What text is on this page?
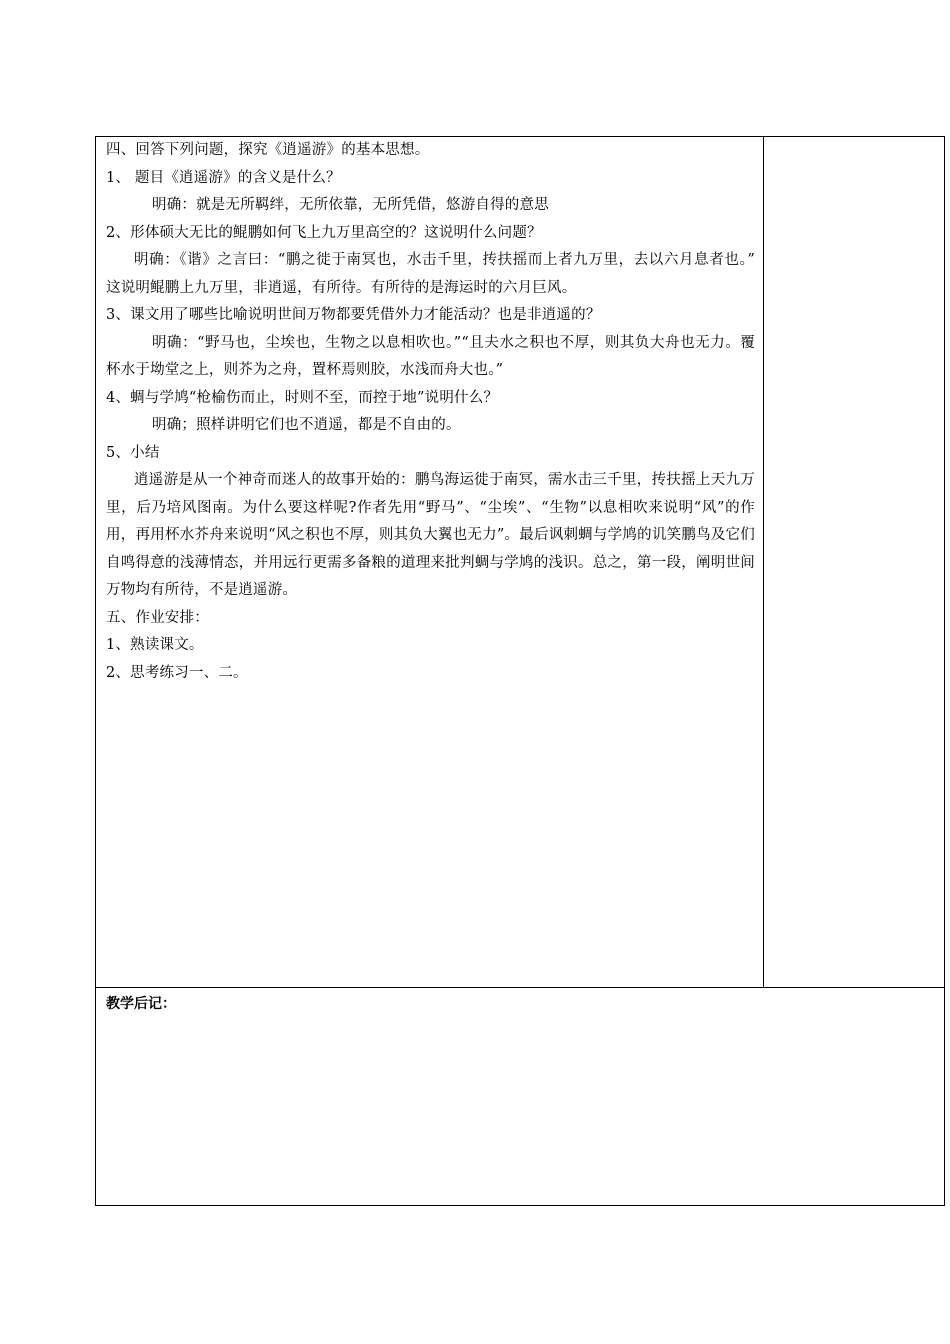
四、回答下列问题，探究《逍遥游》的基本思想。

1、 题目《逍遥游》的含义是什么？

明确：就是无所羁绊，无所依靠，无所凭借，悠游自得的意思

2、形体硕大无比的鲲鹏如何飞上九万里高空的？这说明什么问题？

明确：《谐》之言曰：“鹏之徙于南冥也，水击千里，抟扶摇而上者九万里，去以六月息者也。” 这说明鲲鹏上九万里，非逍遥，有所待。有所待的是海运时的六月巨风。

3、课文用了哪些比喻说明世间万物都要凭借外力才能活动？也是非逍遥的？

明确：“野马也，尘埃也，生物之以息相吹也。”“且夫水之积也不厚，则其负大舟也无力。覆杯水于坳堂之上，则芥为之舟，置杯焉则胶，水浅而舟大也。”

4、蜩与学鸠“枪榆伤而止，时则不至，而控于地”说明什么？

明确；照样讲明它们也不逍遥，都是不自由的。

5、小结

逍遥游是从一个神奇而迷人的故事开始的：鹏鸟海运徙于南冥，需水击三千里，抟扶摇上天九万里，后乃培风图南。为什么要这样呢?作者先用“野马”、“尘埃”、“生物”以息相吹来说明“风”的作用，再用杯水芥舟来说明“风之积也不厚，则其负大翼也无力”。最后讽刺蜩与学鸠的讥笑鹏鸟及它们自鸣得意的浅薄情态，并用远行更需多备粮的道理来批判蜩与学鸠的浅识。总之，第一段，阐明世间万物均有所待，不是逍遥游。

五、作业安排：

1、熟读课文。

2、思考练习一、二。

教学后记：
